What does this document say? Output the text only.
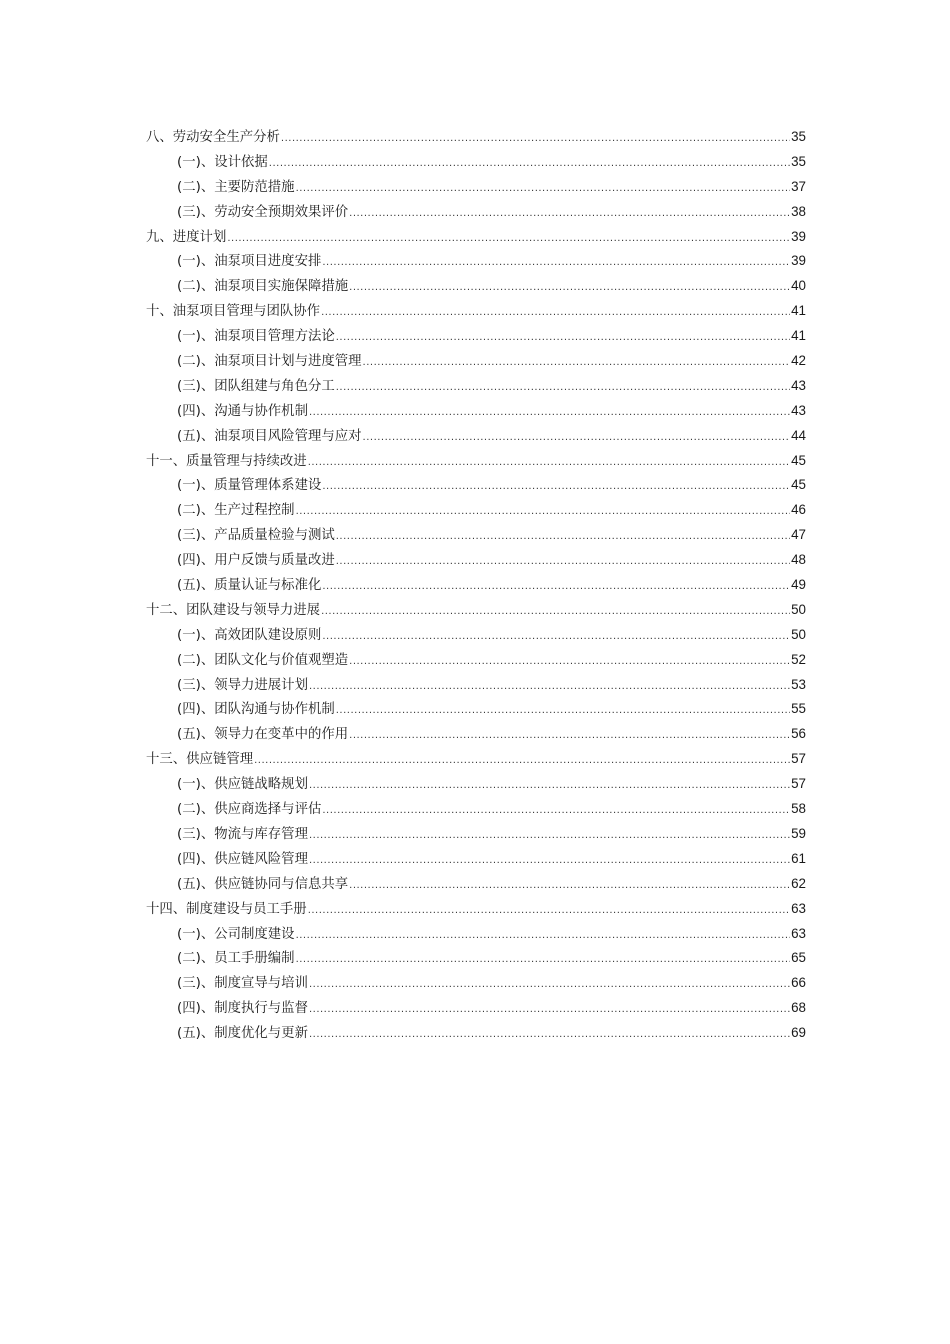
八、劳动安全生产分析 .....	35
(一)、设计依据 .....	35
(二)、主要防范措施 .....	37
(三)、劳动安全预期效果评价 .....	38
九、进度计划 .....	39
(一)、油泵项目进度安排 .....	39
(二)、油泵项目实施保障措施 .....	40
十、油泵项目管理与团队协作 .....	41
(一)、油泵项目管理方法论 .....	41
(二)、油泵项目计划与进度管理 .....	42
(三)、团队组建与角色分工 .....	43
(四)、沟通与协作机制 .....	43
(五)、油泵项目风险管理与应对 .....	44
十一、质量管理与持续改进 .....	45
(一)、质量管理体系建设 .....	45
(二)、生产过程控制 .....	46
(三)、产品质量检验与测试 .....	47
(四)、用户反馈与质量改进 .....	48
(五)、质量认证与标准化 .....	49
十二、团队建设与领导力进展 .....	50
(一)、高效团队建设原则 .....	50
(二)、团队文化与价值观塑造 .....	52
(三)、领导力进展计划 .....	53
(四)、团队沟通与协作机制 .....	55
(五)、领导力在变革中的作用 .....	56
十三、供应链管理 .....	57
(一)、供应链战略规划 .....	57
(二)、供应商选择与评估 .....	58
(三)、物流与库存管理 .....	59
(四)、供应链风险管理 .....	61
(五)、供应链协同与信息共享 .....	62
十四、制度建设与员工手册 .....	63
(一)、公司制度建设 .....	63
(二)、员工手册编制 .....	65
(三)、制度宣导与培训 .....	66
(四)、制度执行与监督 .....	68
(五)、制度优化与更新 .....	69
